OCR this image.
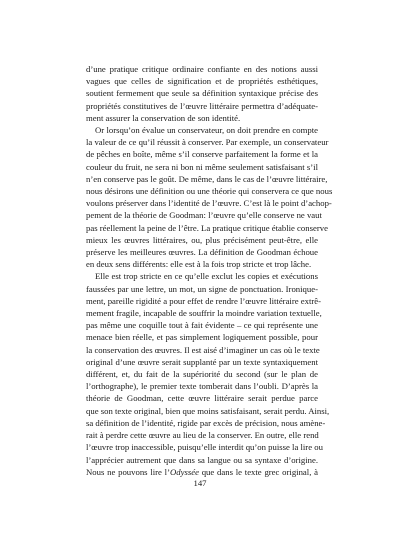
d’une pratique critique ordinaire confiante en des notions aussi
vagues que celles de signification et de propriétés esthétiques,
soutient fermement que seule sa définition syntaxique précise des
propriétés constitutives de l’œuvre littéraire permettra d’adéquate-
ment assurer la conservation de son identité.
Or lorsqu’on évalue un conservateur, on doit prendre en compte
la valeur de ce qu’il réussit à conserver. Par exemple, un conservateur
de pêches en boîte, même s’il conserve parfaitement la forme et la
couleur du fruit, ne sera ni bon ni même seulement satisfaisant s’il
n’en conserve pas le goût. De même, dans le cas de l’œuvre littéraire,
nous désirons une définition ou une théorie qui conservera ce que nous
voulons préserver dans l’identité de l’œuvre. C’est là le point d’achop-
pement de la théorie de Goodman: l’œuvre qu’elle conserve ne vaut
pas réellement la peine de l’être. La pratique critique établie conserve
mieux les œuvres littéraires, ou, plus précisément peut-être, elle
préserve les meilleures œuvres. La définition de Goodman échoue
en deux sens différents: elle est à la fois trop stricte et trop lâche.
Elle est trop stricte en ce qu’elle exclut les copies et exécutions
faussées par une lettre, un mot, un signe de ponctuation. Ironique-
ment, pareille rigidité a pour effet de rendre l’œuvre littéraire extrê-
mement fragile, incapable de souffrir la moindre variation textuelle,
pas même une coquille tout à fait évidente – ce qui représente une
menace bien réelle, et pas simplement logiquement possible, pour
la conservation des œuvres. Il est aisé d’imaginer un cas où le texte
original d’une œuvre serait supplanté par un texte syntaxiquement
différent, et, du fait de la supériorité du second (sur le plan de
l’orthographe), le premier texte tomberait dans l’oubli. D’après la
théorie de Goodman, cette œuvre littéraire serait perdue parce
que son texte original, bien que moins satisfaisant, serait perdu. Ainsi,
sa définition de l’identité, rigide par excès de précision, nous amène-
rait à perdre cette œuvre au lieu de la conserver. En outre, elle rend
l’œuvre trop inaccessible, puisqu’elle interdit qu’on puisse la lire ou
l’apprécier autrement que dans sa langue ou sa syntaxe d’origine.
Nous ne pouvons lire l’Odyssée que dans le texte grec original, à
147
